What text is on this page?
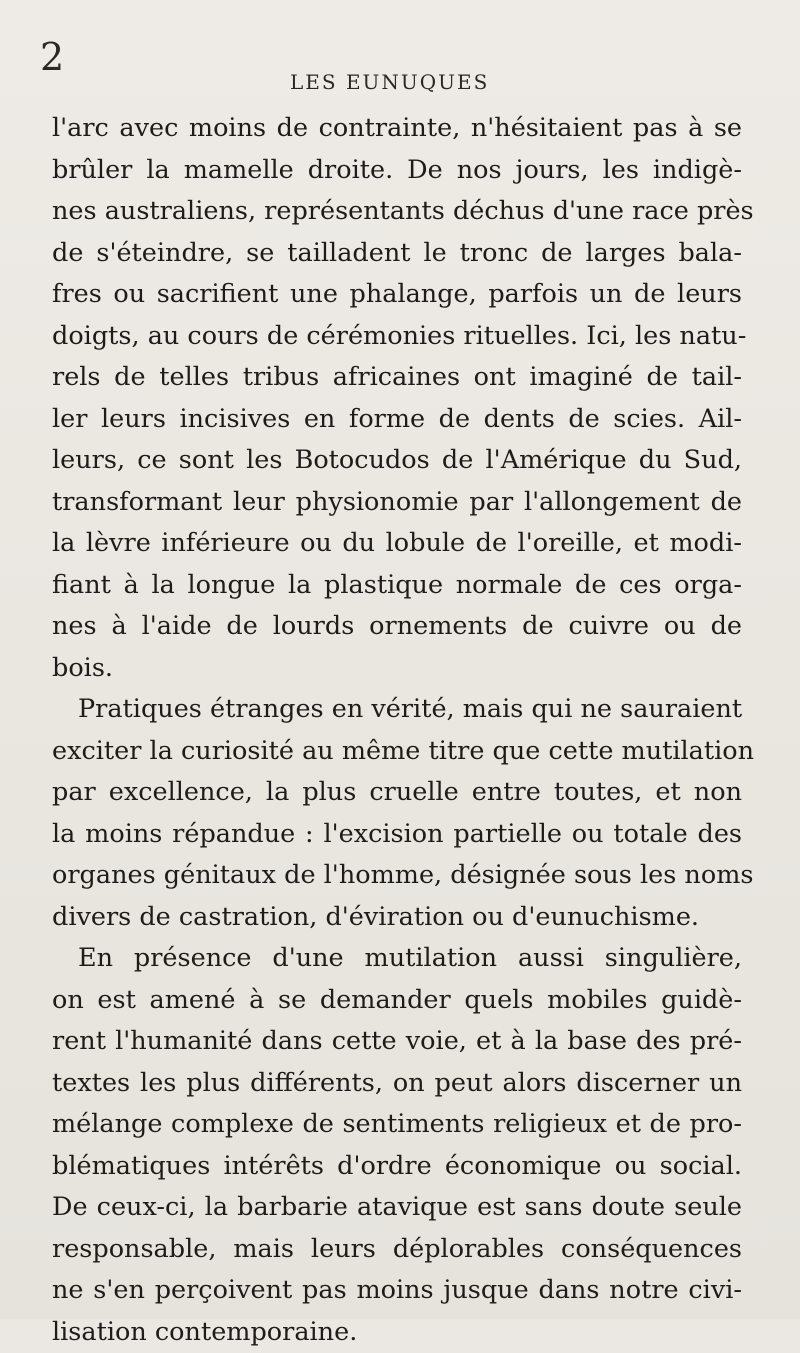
2
LES EUNUQUES
l'arc avec moins de contrainte, n'hésitaient pas à se
brûler la mamelle droite. De nos jours, les indigè-
nes australiens, représentants déchus d'une race près
de s'éteindre, se tailladent le tronc de larges bala-
fres ou sacrifient une phalange, parfois un de leurs
doigts, au cours de cérémonies rituelles. Ici, les natu-
rels de telles tribus africaines ont imaginé de tail-
ler leurs incisives en forme de dents de scies. Ail-
leurs, ce sont les Botocudos de l'Amérique du Sud,
transformant leur physionomie par l'allongement de
la lèvre inférieure ou du lobule de l'oreille, et modi-
fiant à la longue la plastique normale de ces orga-
nes à l'aide de lourds ornements de cuivre ou de
bois.
Pratiques étranges en vérité, mais qui ne sauraient
exciter la curiosité au même titre que cette mutilation
par excellence, la plus cruelle entre toutes, et non
la moins répandue : l'excision partielle ou totale des
organes génitaux de l'homme, désignée sous les noms
divers de castration, d'éviration ou d'eunuchisme.
En présence d'une mutilation aussi singulière,
on est amené à se demander quels mobiles guidè-
rent l'humanité dans cette voie, et à la base des pré-
textes les plus différents, on peut alors discerner un
mélange complexe de sentiments religieux et de pro-
blématiques intérêts d'ordre économique ou social.
De ceux-ci, la barbarie atavique est sans doute seule
responsable, mais leurs déplorables conséquences
ne s'en perçoivent pas moins jusque dans notre civi-
lisation contemporaine.
